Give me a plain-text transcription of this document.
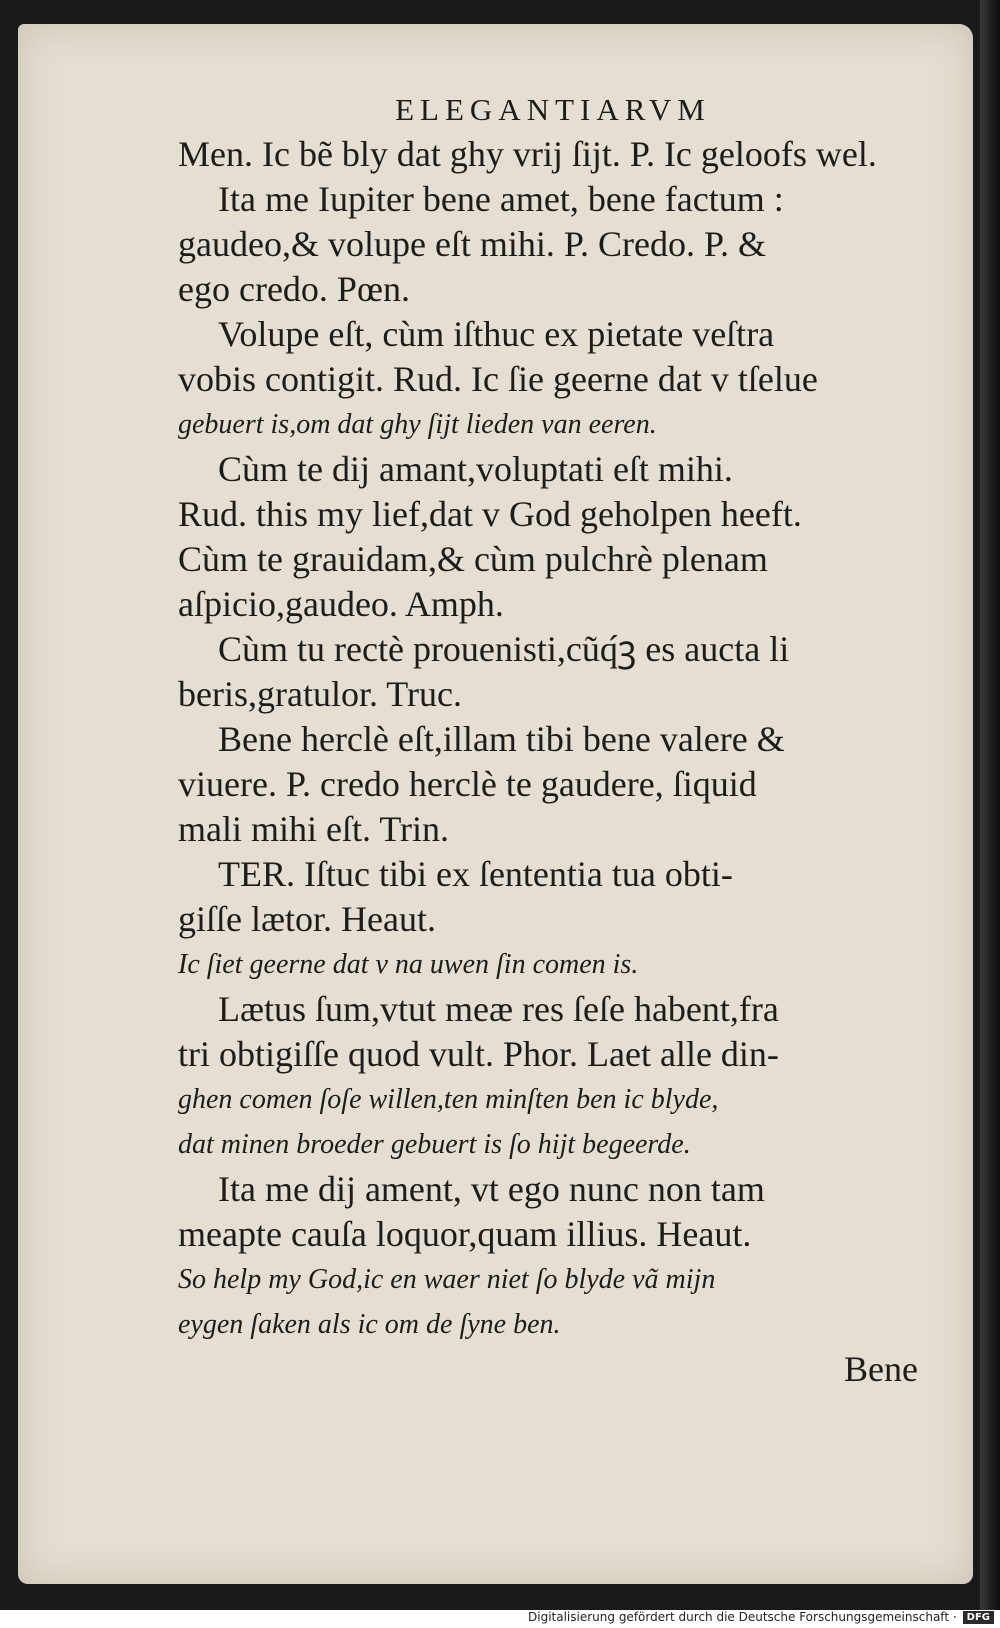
ELEGANTIARVM
Men. Ic bẽ bly dat ghy vrij ſijt. P. Ic geloofs wel.
Ita me Iupiter bene amet, bene factum :
gaudeo,& volupe eſt mihi. P. Credo. P. &
ego credo. Pœn.
Volupe eſt, cùm iſthuc ex pietate veſtra
vobis contigit. Rud. Ic ſie geerne dat v tſelue
gebuert is,om dat ghy ſijt lieden van eeren.
Cùm te dij amant,voluptati eſt mihi.
Rud. this my lief,dat v God geholpen heeft.
Cùm te grauidam,& cùm pulchrè plenam
aſpicio,gaudeo. Amph.
Cùm tu rectè prouenisti,cũq́ꝫ es aucta li
beris,gratulor. Truc.
Bene herclè eſt,illam tibi bene valere &
viuere. P. credo herclè te gaudere, ſiquid
mali mihi eſt. Trin.
TER. Iſtuc tibi ex ſententia tua obti-
giſſe lætor. Heaut.
Ic ſiet geerne dat v na uwen ſin comen is.
Lætus ſum,vtut meæ res ſeſe habent,fra
tri obtigiſſe quod vult. Phor. Laet alle din-
ghen comen ſoſe willen,ten minſten ben ic blyde,
dat minen broeder gebuert is ſo hijt begeerde.
Ita me dij ament, vt ego nunc non tam
meapte cauſa loquor,quam illius. Heaut.
So help my God,ic en waer niet ſo blyde vã mijn
eygen ſaken als ic om de ſyne ben.
Bene
Digitalisierung gefördert durch die Deutsche Forschungsgemeinschaft ·	DFG
